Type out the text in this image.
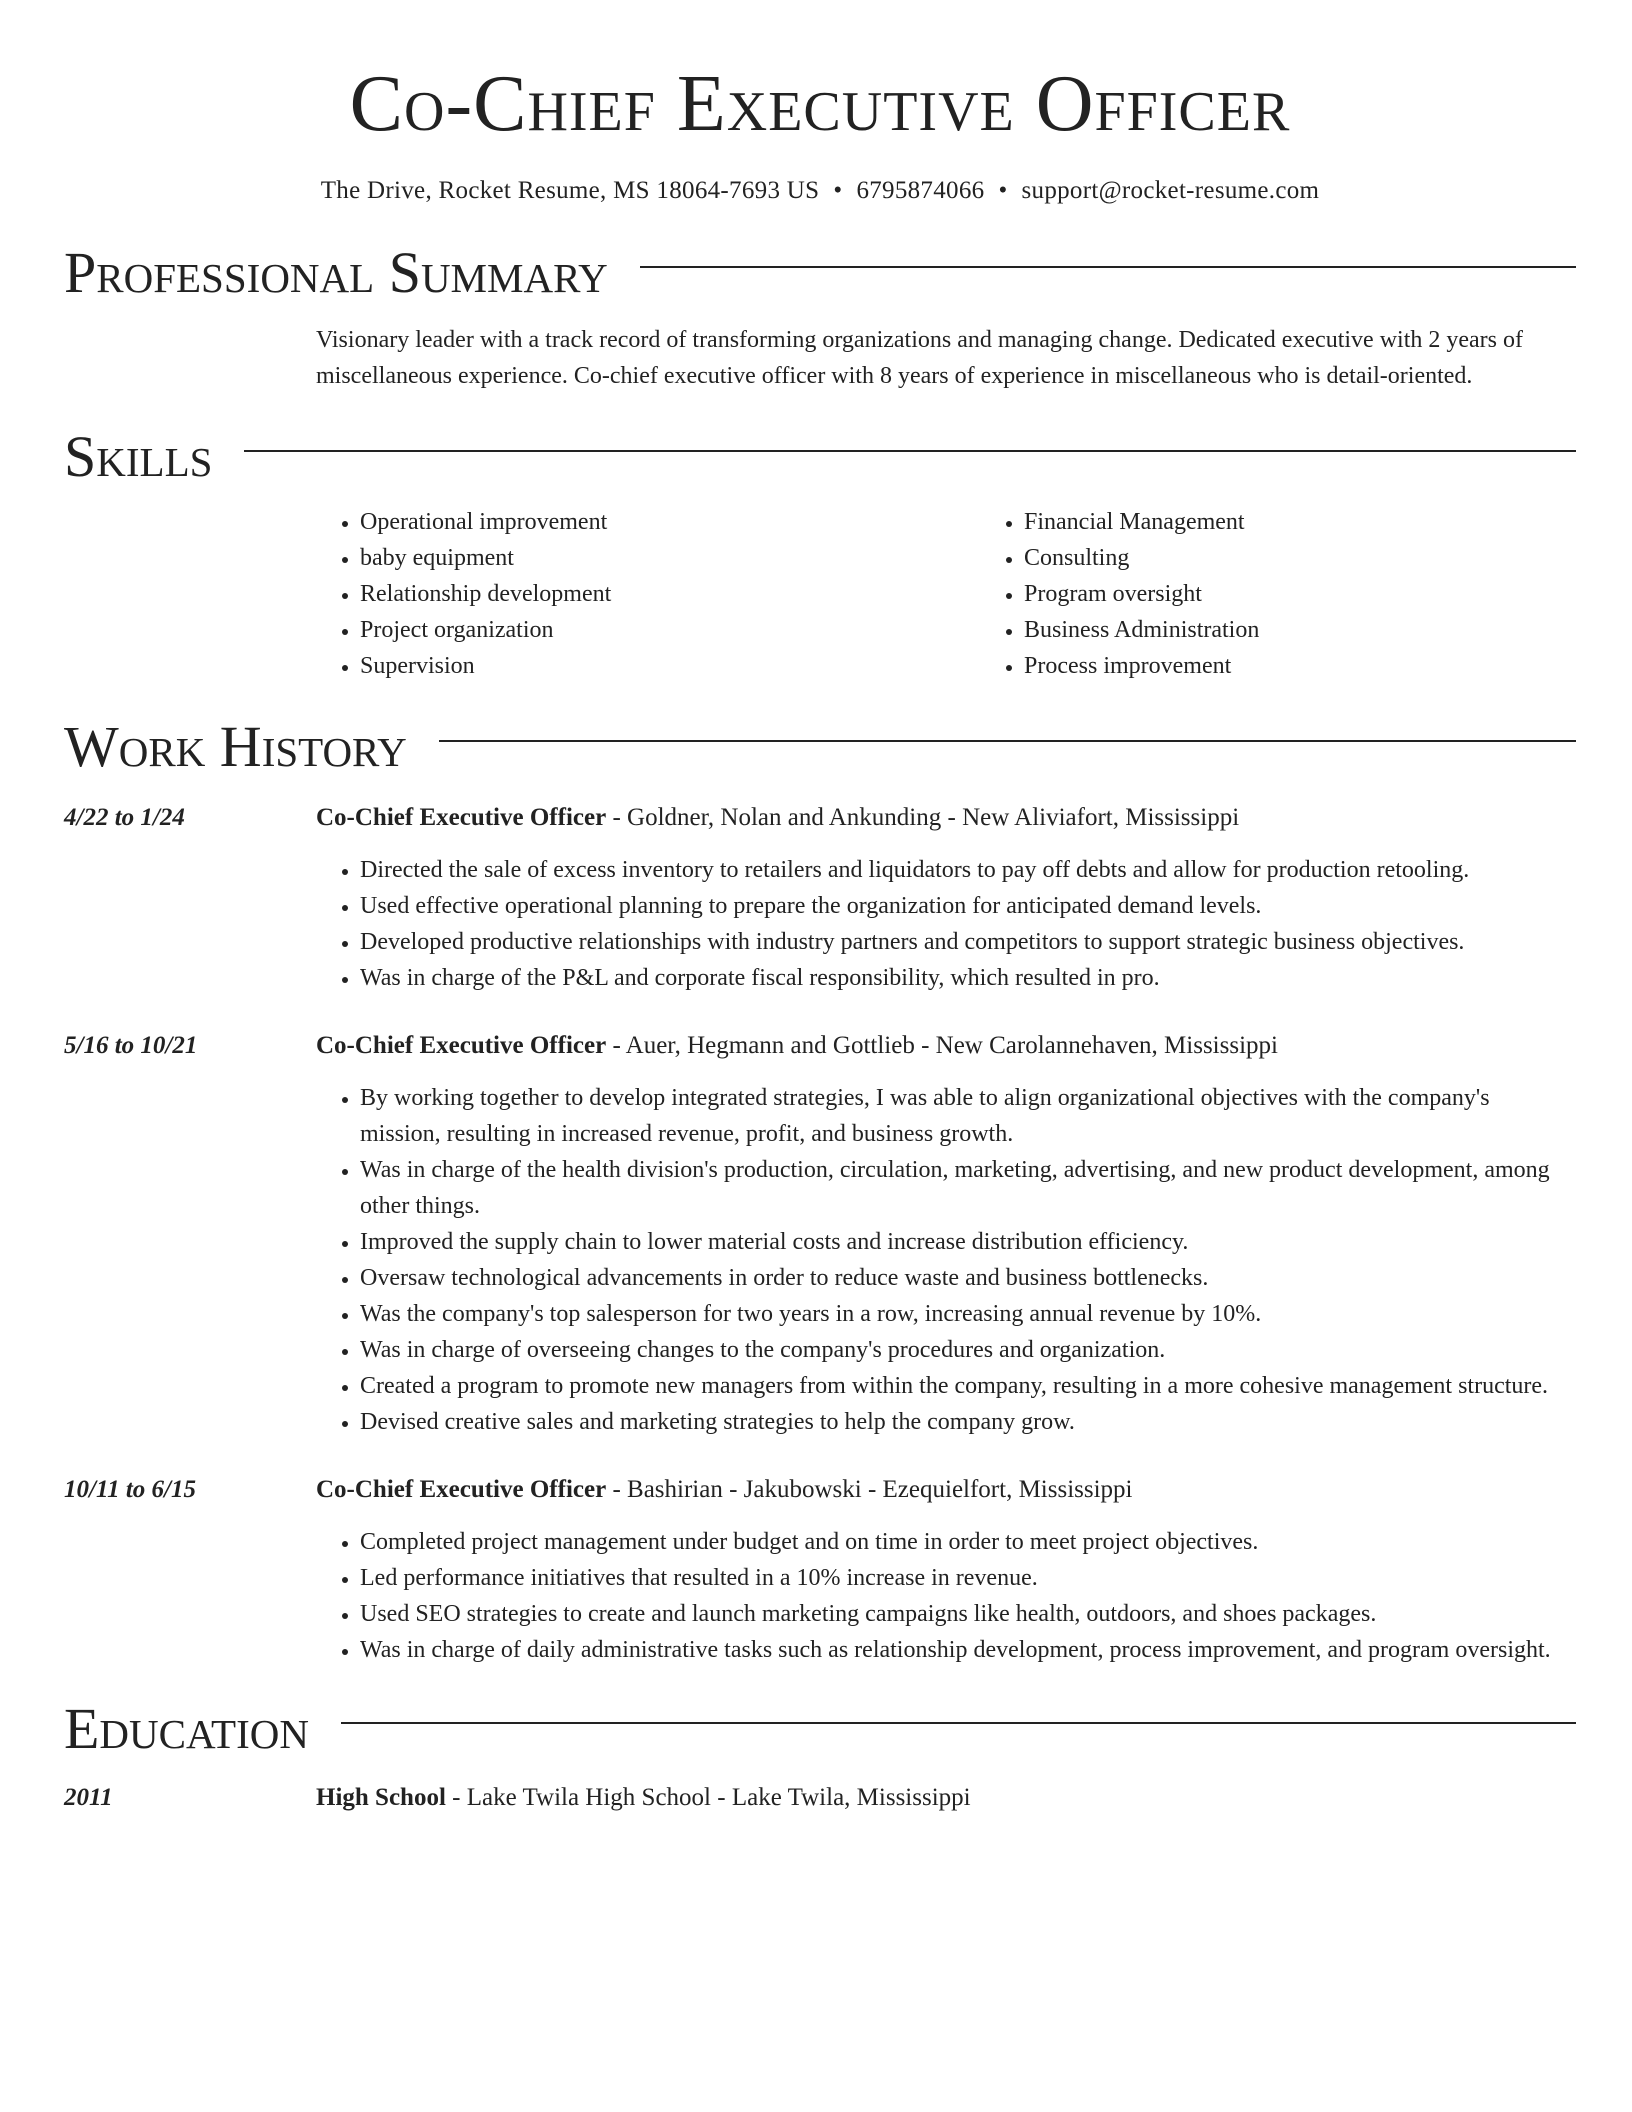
Co-Chief Executive Officer
The Drive, Rocket Resume, MS 18064-7693 US • 6795874066 • support@rocket-resume.com
Professional Summary
Visionary leader with a track record of transforming organizations and managing change. Dedicated executive with 2 years of miscellaneous experience. Co-chief executive officer with 8 years of experience in miscellaneous who is detail-oriented.
Skills
• Operational improvement
• baby equipment
• Relationship development
• Project organization
• Supervision
• Financial Management
• Consulting
• Program oversight
• Business Administration
• Process improvement
Work History
4/22 to 1/24	Co-Chief Executive Officer - Goldner, Nolan and Ankunding - New Aliviafort, Mississippi
• Directed the sale of excess inventory to retailers and liquidators to pay off debts and allow for production retooling.
• Used effective operational planning to prepare the organization for anticipated demand levels.
• Developed productive relationships with industry partners and competitors to support strategic business objectives.
• Was in charge of the P&L and corporate fiscal responsibility, which resulted in pro.
5/16 to 10/21	Co-Chief Executive Officer - Auer, Hegmann and Gottlieb - New Carolannehaven, Mississippi
• By working together to develop integrated strategies, I was able to align organizational objectives with the company's mission, resulting in increased revenue, profit, and business growth.
• Was in charge of the health division's production, circulation, marketing, advertising, and new product development, among other things.
• Improved the supply chain to lower material costs and increase distribution efficiency.
• Oversaw technological advancements in order to reduce waste and business bottlenecks.
• Was the company's top salesperson for two years in a row, increasing annual revenue by 10%.
• Was in charge of overseeing changes to the company's procedures and organization.
• Created a program to promote new managers from within the company, resulting in a more cohesive management structure.
• Devised creative sales and marketing strategies to help the company grow.
10/11 to 6/15	Co-Chief Executive Officer - Bashirian - Jakubowski - Ezequielfort, Mississippi
• Completed project management under budget and on time in order to meet project objectives.
• Led performance initiatives that resulted in a 10% increase in revenue.
• Used SEO strategies to create and launch marketing campaigns like health, outdoors, and shoes packages.
• Was in charge of daily administrative tasks such as relationship development, process improvement, and program oversight.
Education
2011	High School - Lake Twila High School - Lake Twila, Mississippi
